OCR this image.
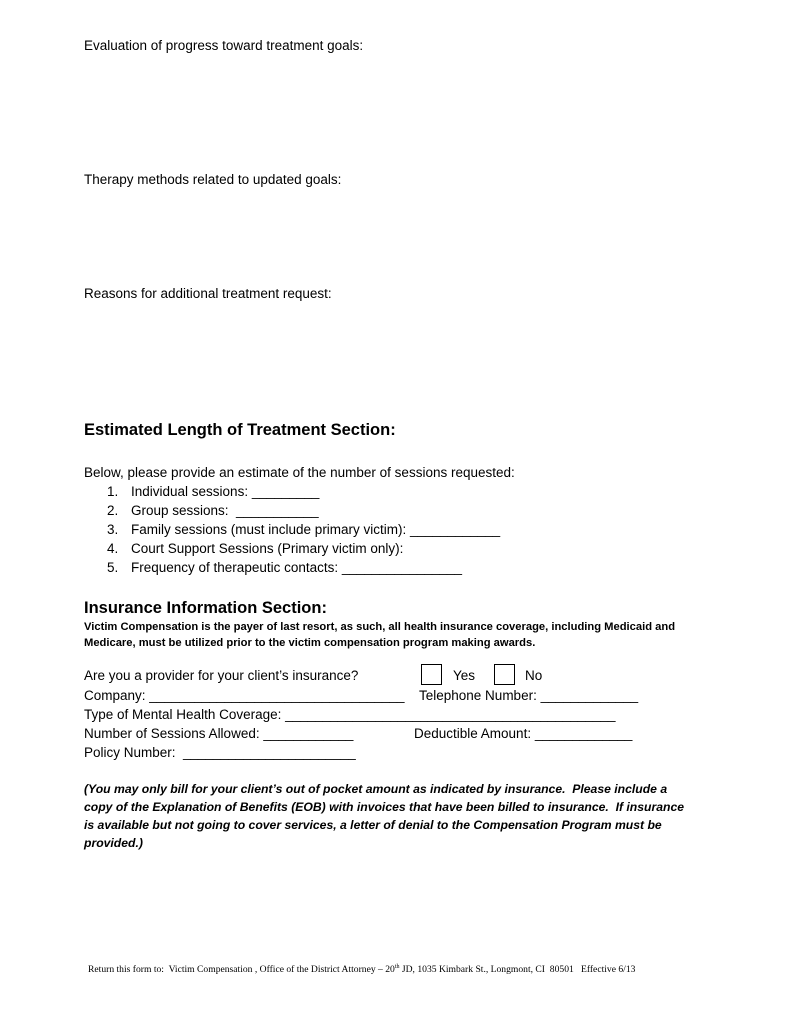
Evaluation of progress toward treatment goals:
Therapy methods related to updated goals:
Reasons for additional treatment request:
Estimated Length of Treatment Section:
Below, please provide an estimate of the number of sessions requested:
1. Individual sessions: _________
2. Group sessions:  ___________
3. Family sessions (must include primary victim): ____________
4. Court Support Sessions (Primary victim only):
5. Frequency of therapeutic contacts: ________________
Insurance Information Section:
Victim Compensation is the payer of last resort, as such, all health insurance coverage, including Medicaid and
Medicare, must be utilized prior to the victim compensation program making awards.
Are you a provider for your client’s insurance?	Yes	No
Company: __________________________________ Telephone Number: _____________
Type of Mental Health Coverage: ____________________________________________
Number of Sessions Allowed: ____________	Deductible Amount: _____________
Policy Number:  _______________________
(You may only bill for your client’s out of pocket amount as indicated by insurance.  Please include a
copy of the Explanation of Benefits (EOB) with invoices that have been billed to insurance.  If insurance
is available but not going to cover services, a letter of denial to the Compensation Program must be
provided.)
Return this form to:  Victim Compensation , Office of the District Attorney – 20th JD, 1035 Kimbark St., Longmont, CI  80501   Effective 6/13
